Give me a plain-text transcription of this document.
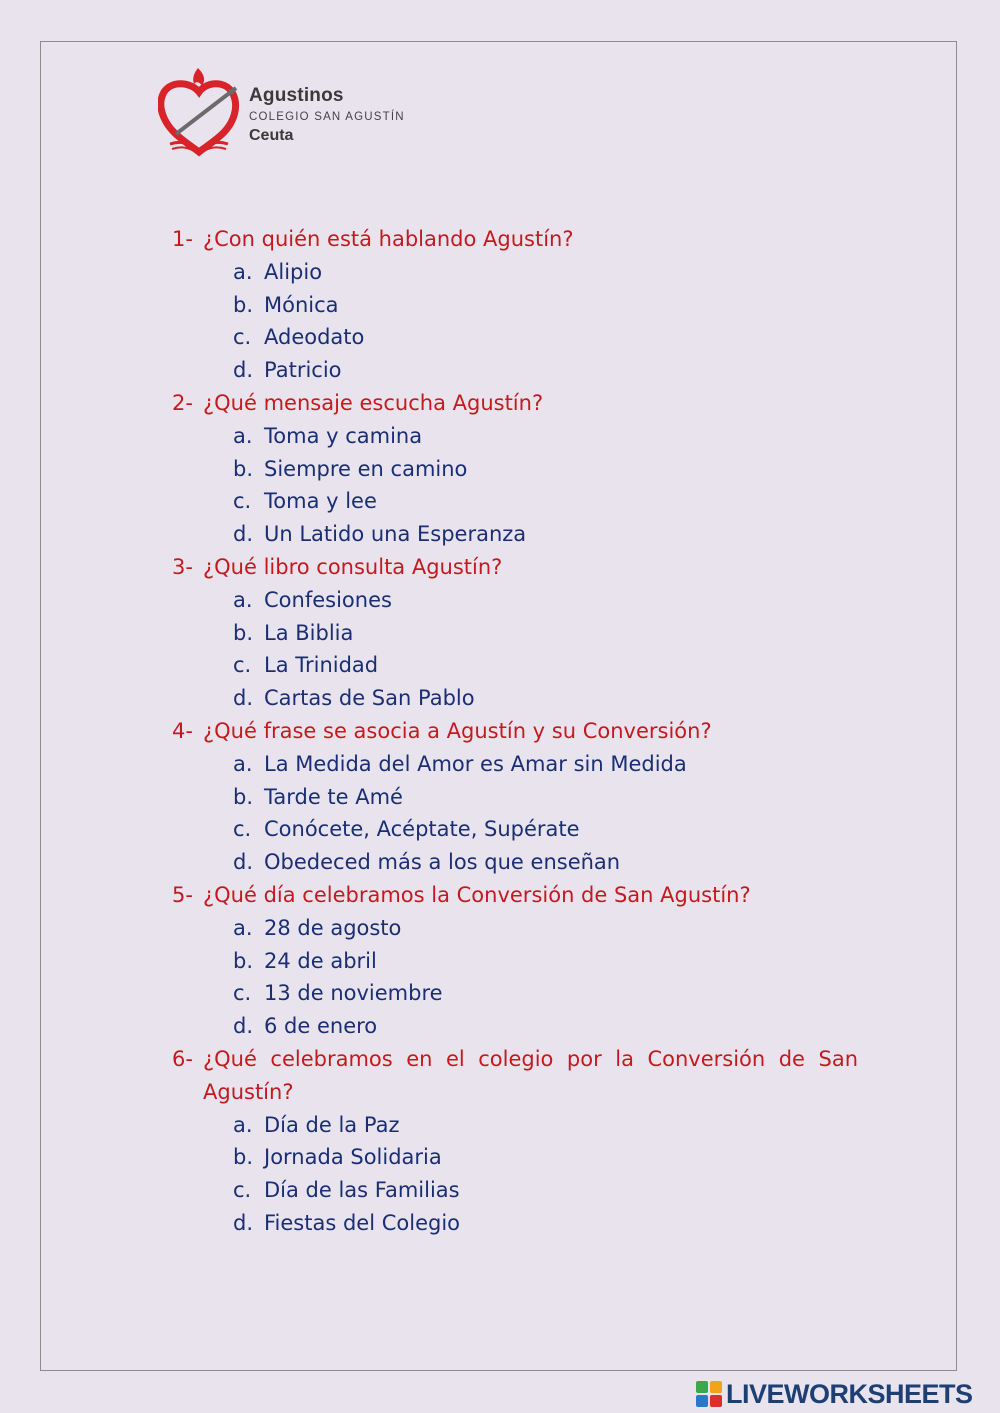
Agustinos
COLEGIO SAN AGUSTÍN
Ceuta
1- ¿Con quién está hablando Agustín?
a. Alipio
b. Mónica
c. Adeodato
d. Patricio
2- ¿Qué mensaje escucha Agustín?
a. Toma y camina
b. Siempre en camino
c. Toma y lee
d. Un Latido una Esperanza
3- ¿Qué libro consulta Agustín?
a. Confesiones
b. La Biblia
c. La Trinidad
d. Cartas de San Pablo
4- ¿Qué frase se asocia a Agustín y su Conversión?
a. La Medida del Amor es Amar sin Medida
b. Tarde te Amé
c. Conócete, Acéptate, Supérate
d. Obedeced más a los que enseñan
5- ¿Qué día celebramos la Conversión de San Agustín?
a. 28 de agosto
b. 24 de abril
c. 13 de noviembre
d. 6 de enero
6- ¿Qué celebramos en el colegio por la Conversión de San Agustín?
a. Día de la Paz
b. Jornada Solidaria
c. Día de las Familias
d. Fiestas del Colegio
LIVEWORKSHEETS
